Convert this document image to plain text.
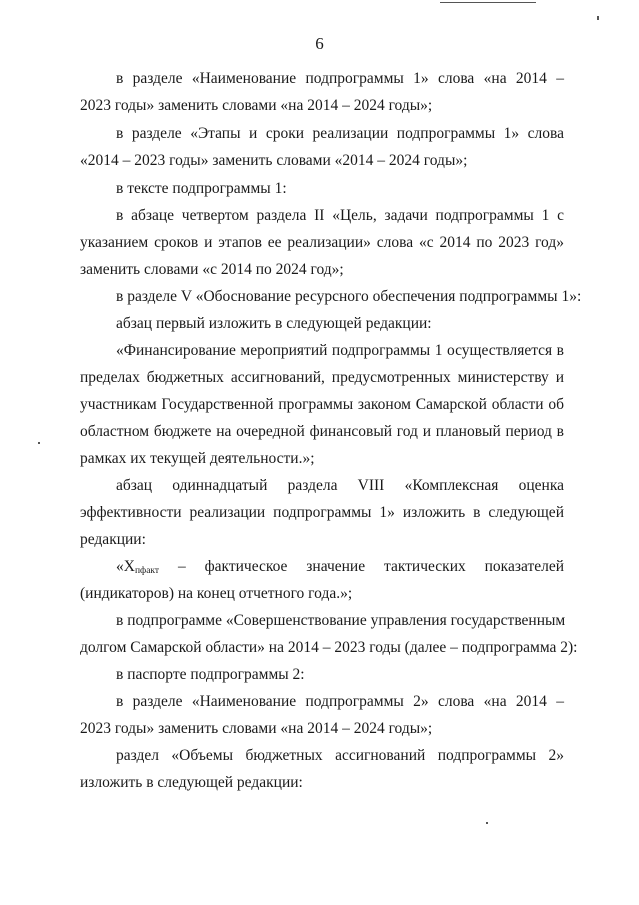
6
в разделе «Наименование подпрограммы 1» слова «на 2014 –
2023 годы» заменить словами «на 2014 – 2024 годы»;
в разделе «Этапы и сроки реализации подпрограммы 1» слова
«2014 – 2023 годы» заменить словами «2014 – 2024 годы»;
в тексте подпрограммы 1:
в абзаце четвертом раздела II «Цель, задачи подпрограммы 1 с
указанием сроков и этапов ее реализации» слова «с 2014 по 2023 год»
заменить словами «с 2014 по 2024 год»;
в разделе V «Обоснование ресурсного обеспечения подпрограммы 1»:
абзац первый изложить в следующей редакции:
«Финансирование мероприятий подпрограммы 1 осуществляется в
пределах бюджетных ассигнований, предусмотренных министерству и
участникам Государственной программы законом Самарской области об
областном бюджете на очередной финансовый год и плановый период в
рамках их текущей деятельности.»;
абзац одиннадцатый раздела VIII «Комплексная оценка
эффективности реализации подпрограммы 1» изложить в следующей
редакции:
«$X_{пфакт}$ – фактическое значение тактических показателей
(индикаторов) на конец отчетного года.»;
в подпрограмме «Совершенствование управления государственным
долгом Самарской области» на 2014 – 2023 годы (далее – подпрограмма 2):
в паспорте подпрограммы 2:
в разделе «Наименование подпрограммы 2» слова «на 2014 –
2023 годы» заменить словами «на 2014 – 2024 годы»;
раздел «Объемы бюджетных ассигнований подпрограммы 2»
изложить в следующей редакции:
